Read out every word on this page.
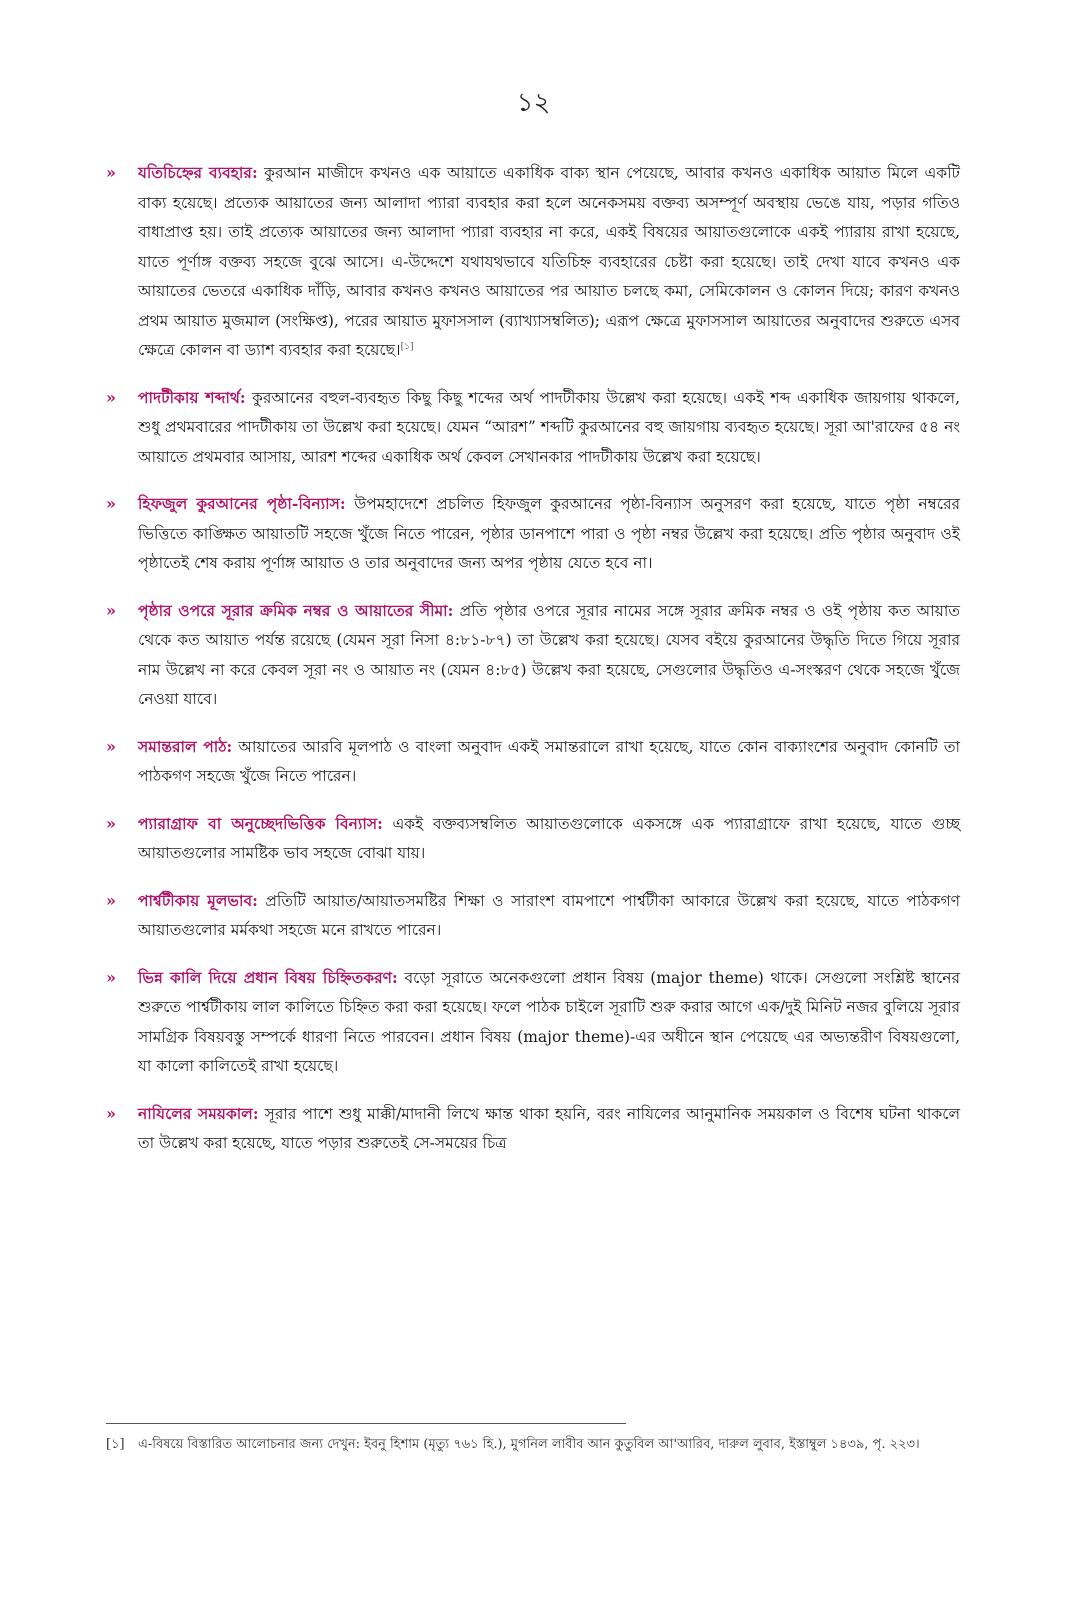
১২
» যতিচিহ্নের ব্যবহার: কুরআন মাজীদে কখনও এক আয়াতে একাধিক বাক্য স্থান পেয়েছে, আবার কখনও একাধিক আয়াত মিলে একটি বাক্য হয়েছে। প্রত্যেক আয়াতের জন্য আলাদা প্যারা ব্যবহার করা হলে অনেকসময় বক্তব্য অসম্পূর্ণ অবস্থায় ভেঙে যায়, পড়ার গতিও বাধাপ্রাপ্ত হয়। তাই প্রত্যেক আয়াতের জন্য আলাদা প্যারা ব্যবহার না করে, একই বিষয়ের আয়াতগুলোকে একই প্যারায় রাখা হয়েছে, যাতে পূর্ণাঙ্গ বক্তব্য সহজে বুঝে আসে। এ-উদ্দেশে যথাযথভাবে যতিচিহ্ন ব্যবহারের চেষ্টা করা হয়েছে। তাই দেখা যাবে কখনও এক আয়াতের ভেতরে একাধিক দাঁড়ি, আবার কখনও কখনও আয়াতের পর আয়াত চলছে কমা, সেমিকোলন ও কোলন দিয়ে; কারণ কখনও প্রথম আয়াত মুজমাল (সংক্ষিপ্ত), পরের আয়াত মুফাসসাল (ব্যাখ্যাসম্বলিত); এরূপ ক্ষেত্রে মুফাসসাল আয়াতের অনুবাদের শুরুতে এসব ক্ষেত্রে কোলন বা ড্যাশ ব্যবহার করা হয়েছে।[১]
» পাদটীকায় শব্দার্থ: কুরআনের বহুল-ব্যবহৃত কিছু কিছু শব্দের অর্থ পাদটীকায় উল্লেখ করা হয়েছে। একই শব্দ একাধিক জায়গায় থাকলে, শুধু প্রথমবারের পাদটীকায় তা উল্লেখ করা হয়েছে। যেমন “আরশ” শব্দটি কুরআনের বহু জায়গায় ব্যবহৃত হয়েছে। সূরা আ'রাফের ৫৪ নং আয়াতে প্রথমবার আসায়, আরশ শব্দের একাধিক অর্থ কেবল সেখানকার পাদটীকায় উল্লেখ করা হয়েছে।
» হিফজুল কুরআনের পৃষ্ঠা-বিন্যাস: উপমহাদেশে প্রচলিত হিফজুল কুরআনের পৃষ্ঠা-বিন্যাস অনুসরণ করা হয়েছে, যাতে পৃষ্ঠা নম্বরের ভিত্তিতে কাঙ্ক্ষিত আয়াতটি সহজে খুঁজে নিতে পারেন, পৃষ্ঠার ডানপাশে পারা ও পৃষ্ঠা নম্বর উল্লেখ করা হয়েছে। প্রতি পৃষ্ঠার অনুবাদ ওই পৃষ্ঠাতেই শেষ করায় পূর্ণাঙ্গ আয়াত ও তার অনুবাদের জন্য অপর পৃষ্ঠায় যেতে হবে না।
» পৃষ্ঠার ওপরে সূরার ক্রমিক নম্বর ও আয়াতের সীমা: প্রতি পৃষ্ঠার ওপরে সূরার নামের সঙ্গে সূরার ক্রমিক নম্বর ও ওই পৃষ্ঠায় কত আয়াত থেকে কত আয়াত পর্যন্ত রয়েছে (যেমন সূরা নিসা ৪:৮১-৮৭) তা উল্লেখ করা হয়েছে। যেসব বইয়ে কুরআনের উদ্ধৃতি দিতে গিয়ে সূরার নাম উল্লেখ না করে কেবল সূরা নং ও আয়াত নং (যেমন ৪:৮৫) উল্লেখ করা হয়েছে, সেগুলোর উদ্ধৃতিও এ-সংস্করণ থেকে সহজে খুঁজে নেওয়া যাবে।
» সমান্তরাল পাঠ: আয়াতের আরবি মূলপাঠ ও বাংলা অনুবাদ একই সমান্তরালে রাখা হয়েছে, যাতে কোন বাক্যাংশের অনুবাদ কোনটি তা পাঠকগণ সহজে খুঁজে নিতে পারেন।
» প্যারাগ্রাফ বা অনুচ্ছেদভিত্তিক বিন্যাস: একই বক্তব্যসম্বলিত আয়াতগুলোকে একসঙ্গে এক প্যারাগ্রাফে রাখা হয়েছে, যাতে গুচ্ছ আয়াতগুলোর সামষ্টিক ভাব সহজে বোঝা যায়।
» পার্শ্বটীকায় মূলভাব: প্রতিটি আয়াত/আয়াতসমষ্টির শিক্ষা ও সারাংশ বামপাশে পার্শ্বটীকা আকারে উল্লেখ করা হয়েছে, যাতে পাঠকগণ আয়াতগুলোর মর্মকথা সহজে মনে রাখতে পারেন।
» ভিন্ন কালি দিয়ে প্রধান বিষয় চিহ্নিতকরণ: বড়ো সূরাতে অনেকগুলো প্রধান বিষয় (major theme) থাকে। সেগুলো সংশ্লিষ্ট স্থানের শুরুতে পার্শ্বটীকায় লাল কালিতে চিহ্নিত করা করা হয়েছে। ফলে পাঠক চাইলে সূরাটি শুরু করার আগে এক/দুই মিনিট নজর বুলিয়ে সূরার সামগ্রিক বিষয়বস্তু সম্পর্কে ধারণা নিতে পারবেন। প্রধান বিষয় (major theme)-এর অধীনে স্থান পেয়েছে এর অভ্যন্তরীণ বিষয়গুলো, যা কালো কালিতেই রাখা হয়েছে।
» নাযিলের সময়কাল: সূরার পাশে শুধু মাক্কী/মাদানী লিখে ক্ষান্ত থাকা হয়নি, বরং নাযিলের আনুমানিক সময়কাল ও বিশেষ ঘটনা থাকলে তা উল্লেখ করা হয়েছে, যাতে পড়ার শুরুতেই সে-সময়ের চিত্র
[১] এ-বিষয়ে বিস্তারিত আলোচনার জন্য দেখুন: ইবনু হিশাম (মৃত্যু ৭৬১ হি.), মুগনিল লাবীব আন কুতুবিল আ'আরিব, দারুল লুবাব, ইস্তাম্বুল ১৪৩৯, পৃ. ২২৩।
